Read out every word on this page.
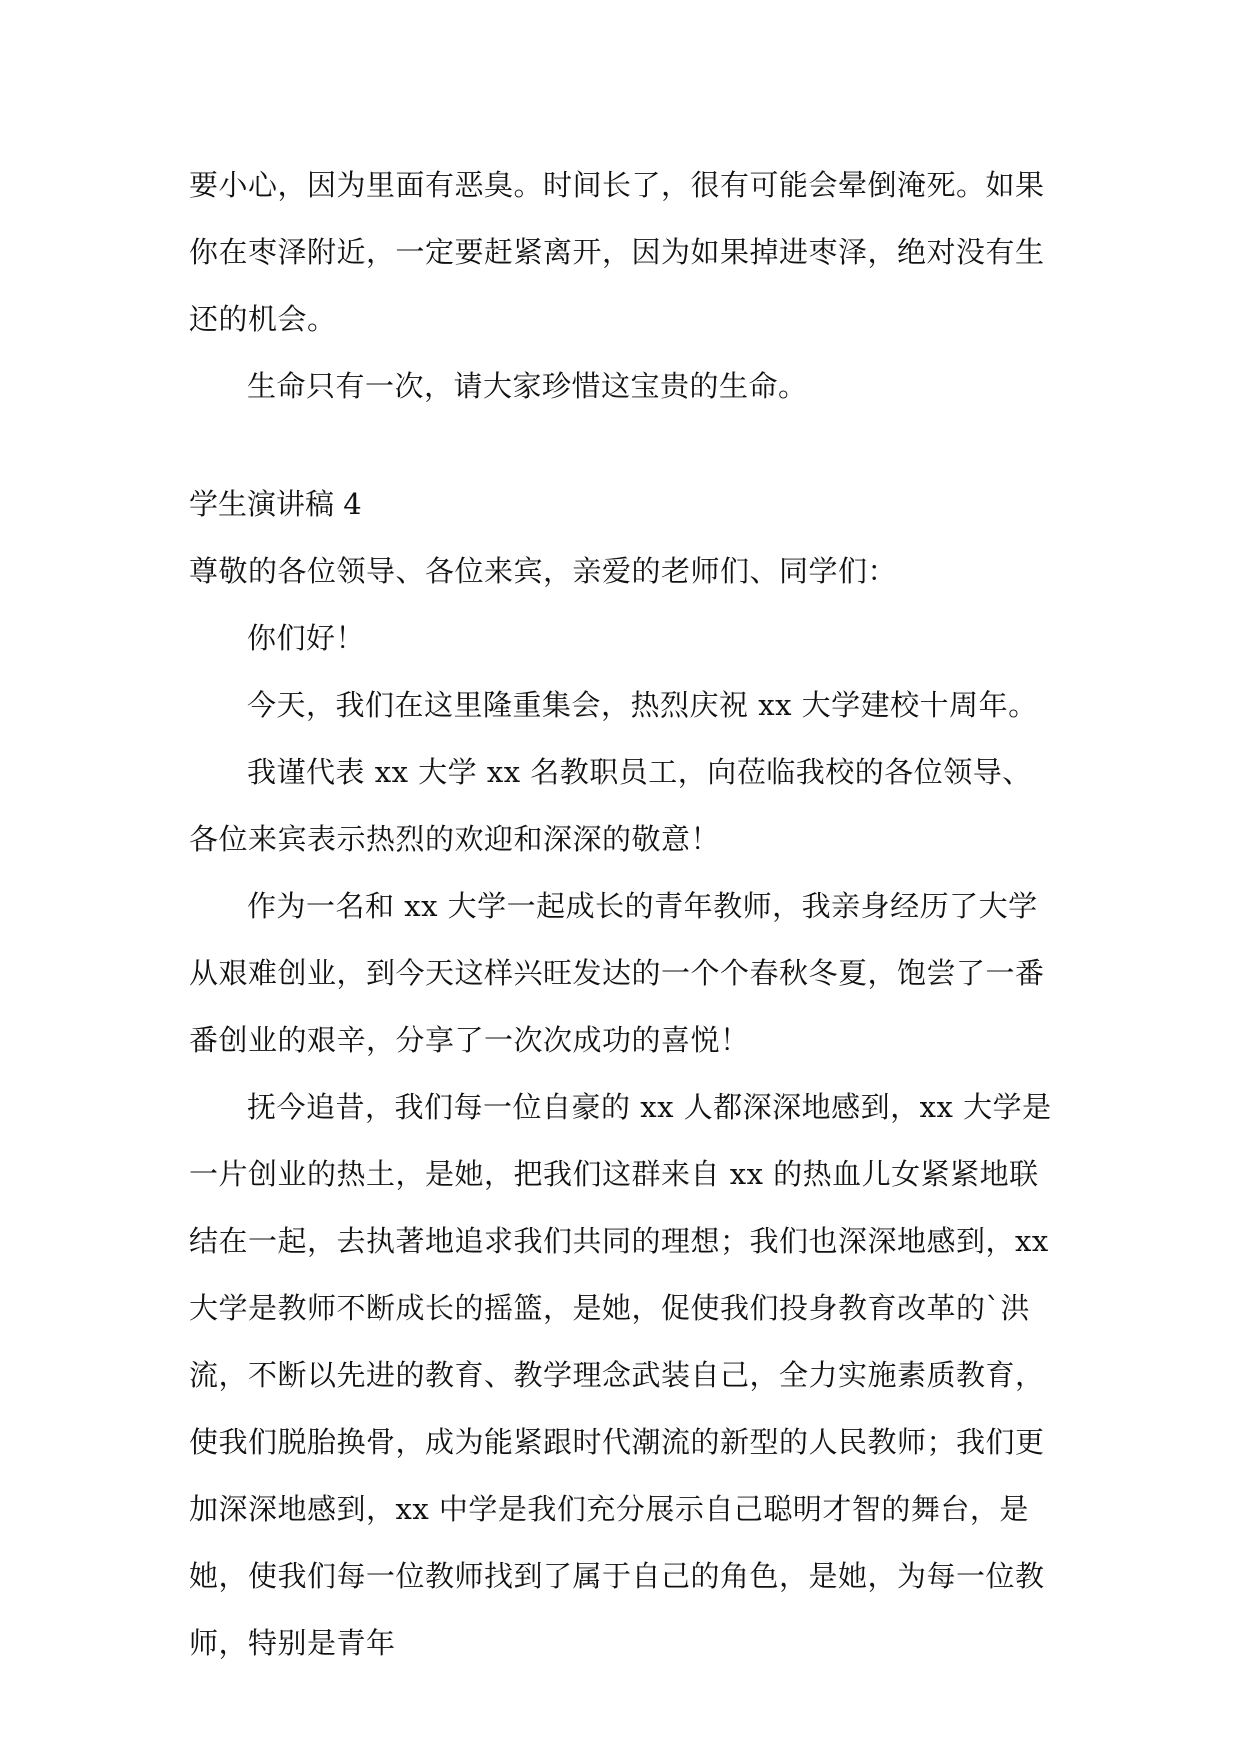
要小心，因为里面有恶臭。时间长了，很有可能会晕倒淹死。如果你在枣泽附近，一定要赶紧离开，因为如果掉进枣泽，绝对没有生还的机会。

生命只有一次，请大家珍惜这宝贵的生命。

学生演讲稿 4

尊敬的各位领导、各位来宾，亲爱的老师们、同学们：

你们好！

今天，我们在这里隆重集会，热烈庆祝 xx 大学建校十周年。

我谨代表 xx 大学 xx 名教职员工，向莅临我校的各位领导、各位来宾表示热烈的欢迎和深深的敬意！

作为一名和 xx 大学一起成长的青年教师，我亲身经历了大学从艰难创业，到今天这样兴旺发达的一个个春秋冬夏，饱尝了一番番创业的艰辛，分享了一次次成功的喜悦！

抚今追昔，我们每一位自豪的 xx 人都深深地感到，xx 大学是一片创业的热土，是她，把我们这群来自 xx 的热血儿女紧紧地联结在一起，去执著地追求我们共同的理想；我们也深深地感到，xx 大学是教师不断成长的摇篮，是她，促使我们投身教育改革的`洪流，不断以先进的教育、教学理念武装自己，全力实施素质教育，使我们脱胎换骨，成为能紧跟时代潮流的新型的人民教师；我们更加深深地感到，xx 中学是我们充分展示自己聪明才智的舞台，是她，使我们每一位教师找到了属于自己的角色，是她，为每一位教师，特别是青年
